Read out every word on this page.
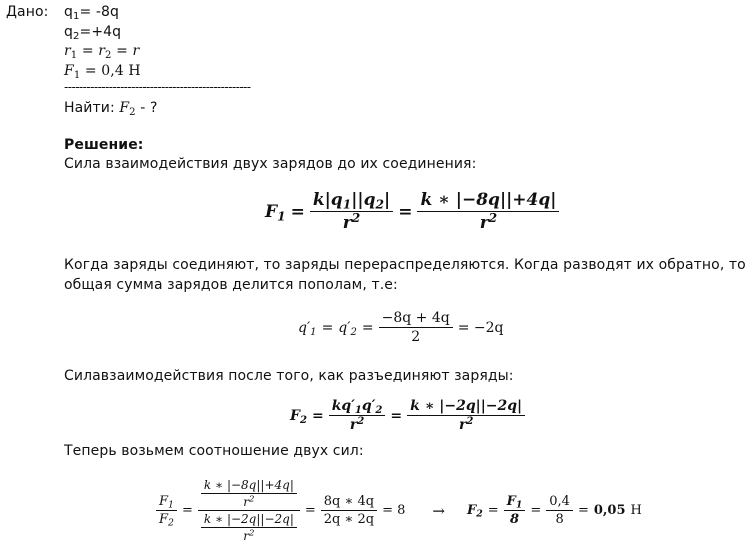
Дано: $q_1= -8q$
$q_2=+4q$
$r_1 = r_2 = r$
$F_1 = 0,4$ Н
--------------------------------------------------
Найти: $F_2$ - ?
Решение:
Сила взаимодействия двух зарядов до их соединения:
$F_1 = \frac{k|q_1||q_2|}{r^2} = \frac{k ∗ |-8q||+4q|}{r^2}$
Когда заряды соединяют, то заряды перераспределяются. Когда разводят их обратно, то
общая сумма зарядов делится пополам, т.е:
$q'_1 = q'_2 = \frac{-8q + 4q}{2} = -2q$
Силавзаимодействия после того, как разъединяют заряды:
$F_2 = \frac{kq'_1q'_2}{r^2} = \frac{k ∗ |-2q||-2q|}{r^2}$
Теперь возьмем соотношение двух сил:
$\frac{F_1}{F_2} = \frac{\frac{k ∗ |-8q||+4q|}{r^2}}{\frac{k ∗ |-2q||-2q|}{r^2}} = \frac{8q ∗ 4q}{2q ∗ 2q} = 8$	→	$F_2 = \frac{F_1}{8} = \frac{0,4}{8} = 0,05$ Н
